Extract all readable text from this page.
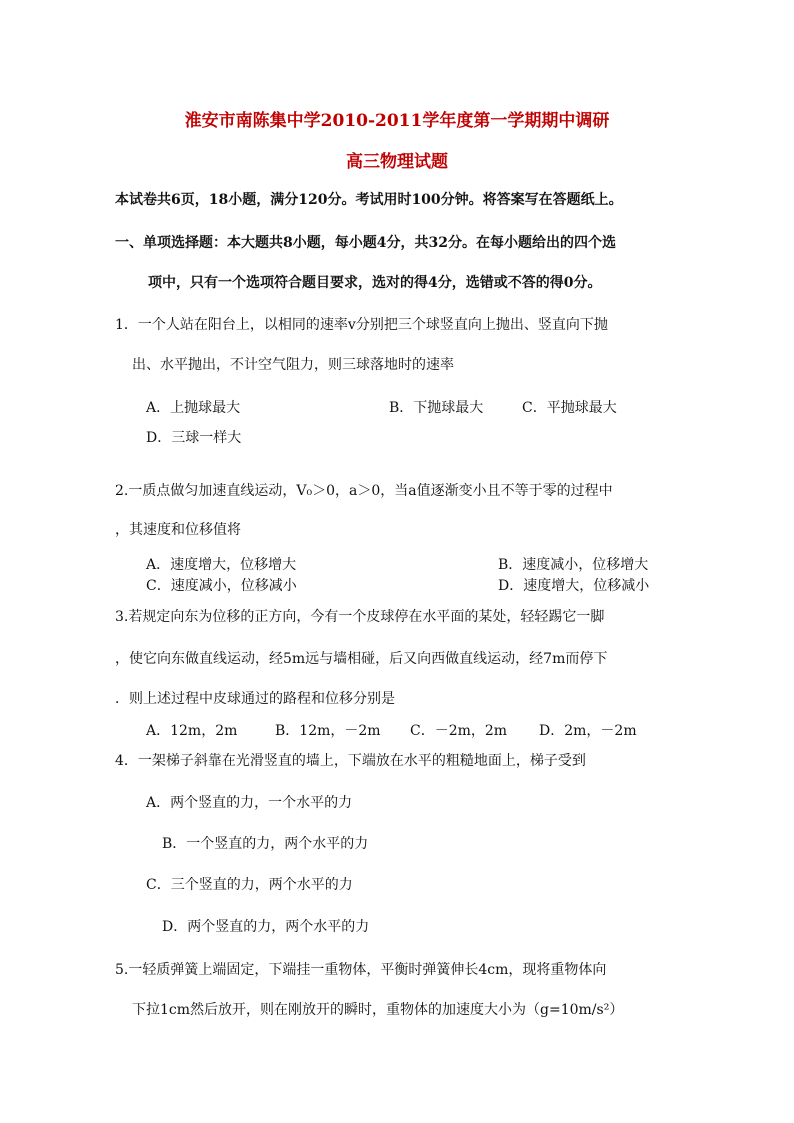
淮安市南陈集中学2010-2011学年度第一学期期中调研
高三物理试题
本试卷共6页，18小题，满分120分。考试用时100分钟。将答案写在答题纸上。
一、单项选择题：本大题共8小题，每小题4分，共32分。在每小题给出的四个选
项中，只有一个选项符合题目要求，选对的得4分，选错或不答的得0分。
1．一个人站在阳台上，以相同的速率v分别把三个球竖直向上抛出、竖直向下抛
出、水平抛出，不计空气阻力，则三球落地时的速率
A．上抛球最大	B．下抛球最大	C．平抛球最大
D．三球一样大
2.一质点做匀加速直线运动，V₀＞0，a＞0，当a值逐渐变小且不等于零的过程中
，其速度和位移值将
A．速度增大，位移增大	B．速度减小，位移增大
C．速度减小，位移减小	D．速度增大，位移减小
3.若规定向东为位移的正方向，今有一个皮球停在水平面的某处，轻轻踢它一脚
，使它向东做直线运动，经5m远与墙相碰，后又向西做直线运动，经7m而停下
．则上述过程中皮球通过的路程和位移分别是
A．12m，2m	B．12m，－2m C．－2m，2m D．2m，－2m
4．一架梯子斜靠在光滑竖直的墙上，下端放在水平的粗糙地面上，梯子受到
A．两个竖直的力，一个水平的力
B．一个竖直的力，两个水平的力
C．三个竖直的力，两个水平的力
D．两个竖直的力，两个水平的力
5.一轻质弹簧上端固定，下端挂一重物体，平衡时弹簧伸长4cm，现将重物体向
下拉1cm然后放开，则在刚放开的瞬时，重物体的加速度大小为（g=10m/s²）
